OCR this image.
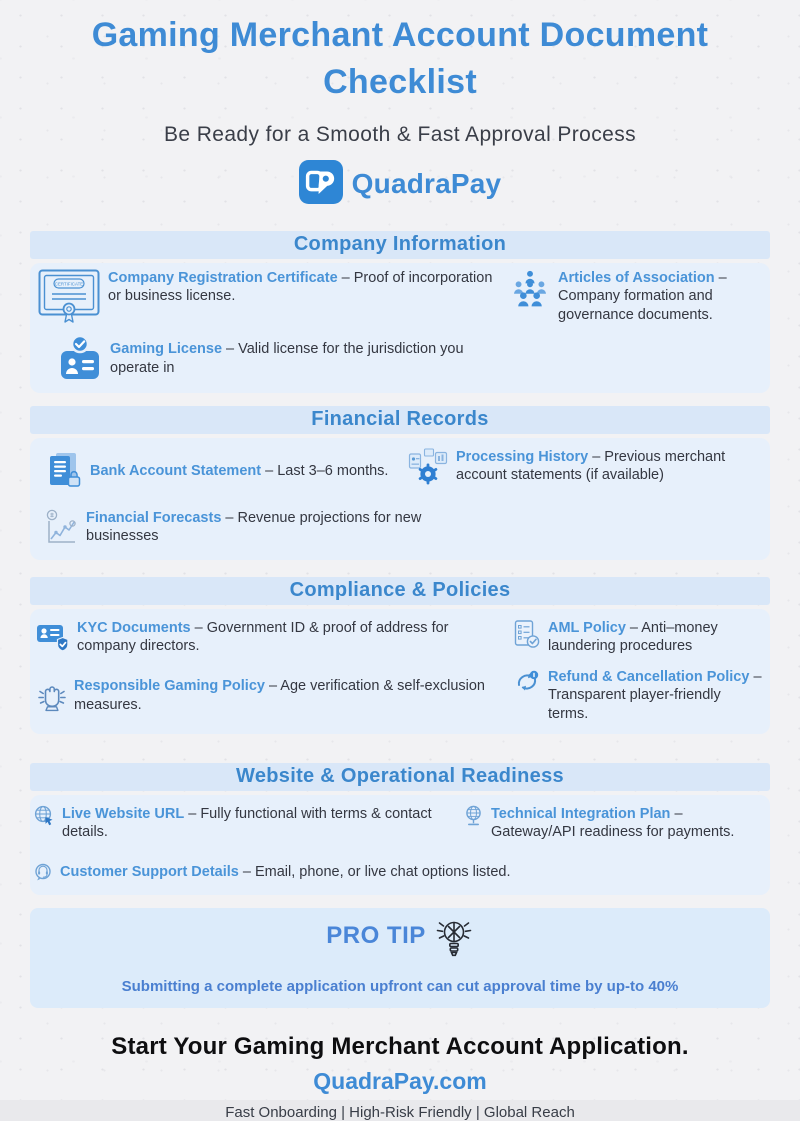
Gaming Merchant Account Document Checklist
Be Ready for a Smooth & Fast Approval Process
QuadraPay
Company Information
CERTIFICATE Company Registration Certificate – Proof of incorporation or business license.

Articles of Association – Company formation and governance documents.

Gaming License – Valid license for the jurisdiction you operate in

Financial Records

Bank Account Statement – Last 3–6 months.

Processing History – Previous merchant account statements (if available)

Financial Forecasts – Revenue projections for new businesses

Compliance & Policies

KYC Documents – Government ID & proof of address for company directors.

AML Policy – Anti–money laundering procedures

Responsible Gaming Policy – Age verification & self-exclusion measures.

Refund & Cancellation Policy – Transparent player-friendly terms.

Website & Operational Readiness

Live Website URL – Fully functional with terms & contact details.

Technical Integration Plan – Gateway/API readiness for payments.

Customer Support Details – Email, phone, or live chat options listed.

PRO TIP
Submitting a complete application upfront can cut approval time by up-to 40%
Start Your Gaming Merchant Account Application.
QuadraPay.com
Fast Onboarding | High-Risk Friendly | Global Reach
